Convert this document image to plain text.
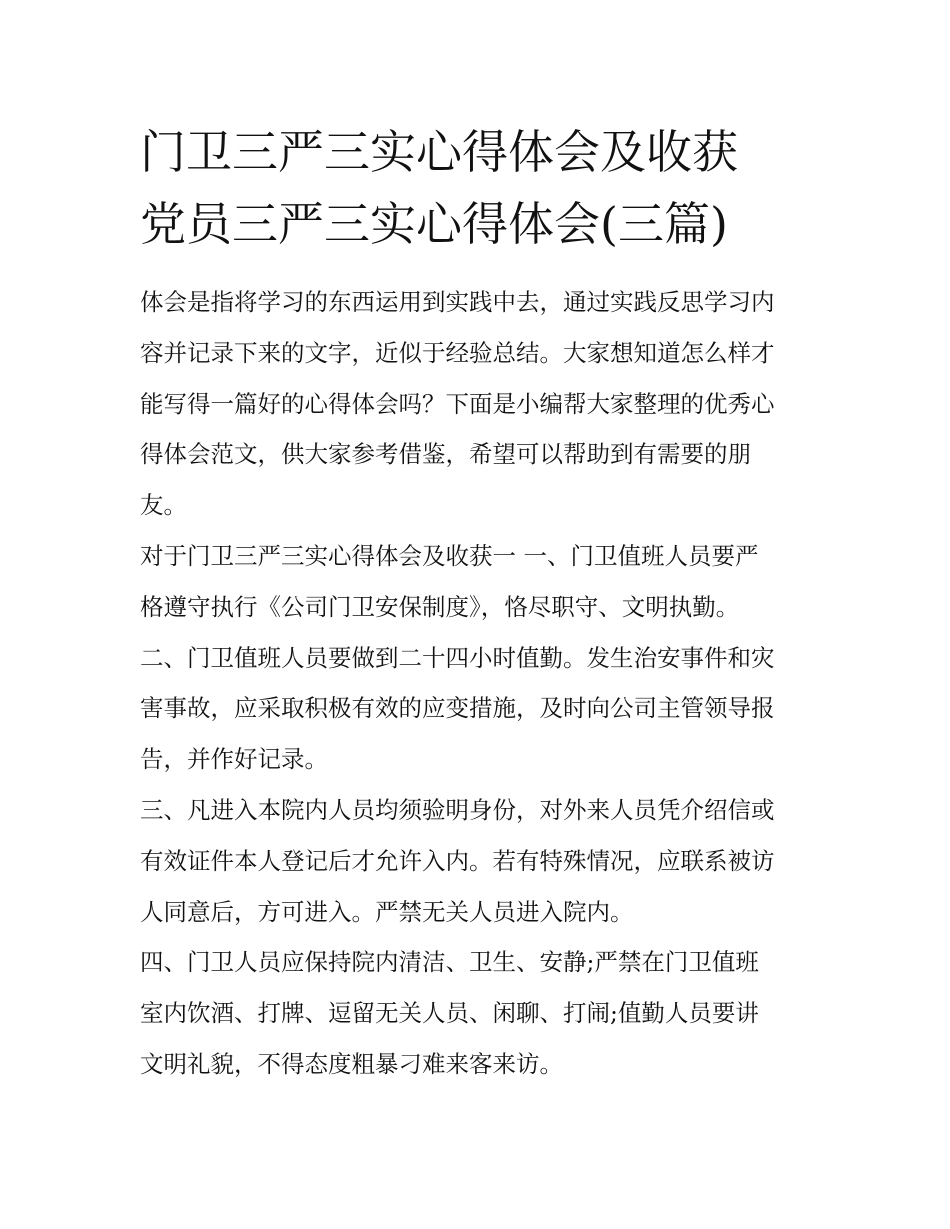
门卫三严三实心得体会及收获
党员三严三实心得体会(三篇)

体会是指将学习的东西运用到实践中去，通过实践反思学习内
容并记录下来的文字，近似于经验总结。大家想知道怎么样才
能写得一篇好的心得体会吗？下面是小编帮大家整理的优秀心
得体会范文，供大家参考借鉴，希望可以帮助到有需要的朋
友。

对于门卫三严三实心得体会及收获一 一、门卫值班人员要严
格遵守执行《公司门卫安保制度》，恪尽职守、文明执勤。

二、门卫值班人员要做到二十四小时值勤。发生治安事件和灾
害事故，应采取积极有效的应变措施，及时向公司主管领导报
告，并作好记录。

三、凡进入本院内人员均须验明身份，对外来人员凭介绍信或
有效证件本人登记后才允许入内。若有特殊情况，应联系被访
人同意后，方可进入。严禁无关人员进入院内。

四、门卫人员应保持院内清洁、卫生、安静;严禁在门卫值班
室内饮酒、打牌、逗留无关人员、闲聊、打闹;值勤人员要讲
文明礼貌，不得态度粗暴刁难来客来访。
